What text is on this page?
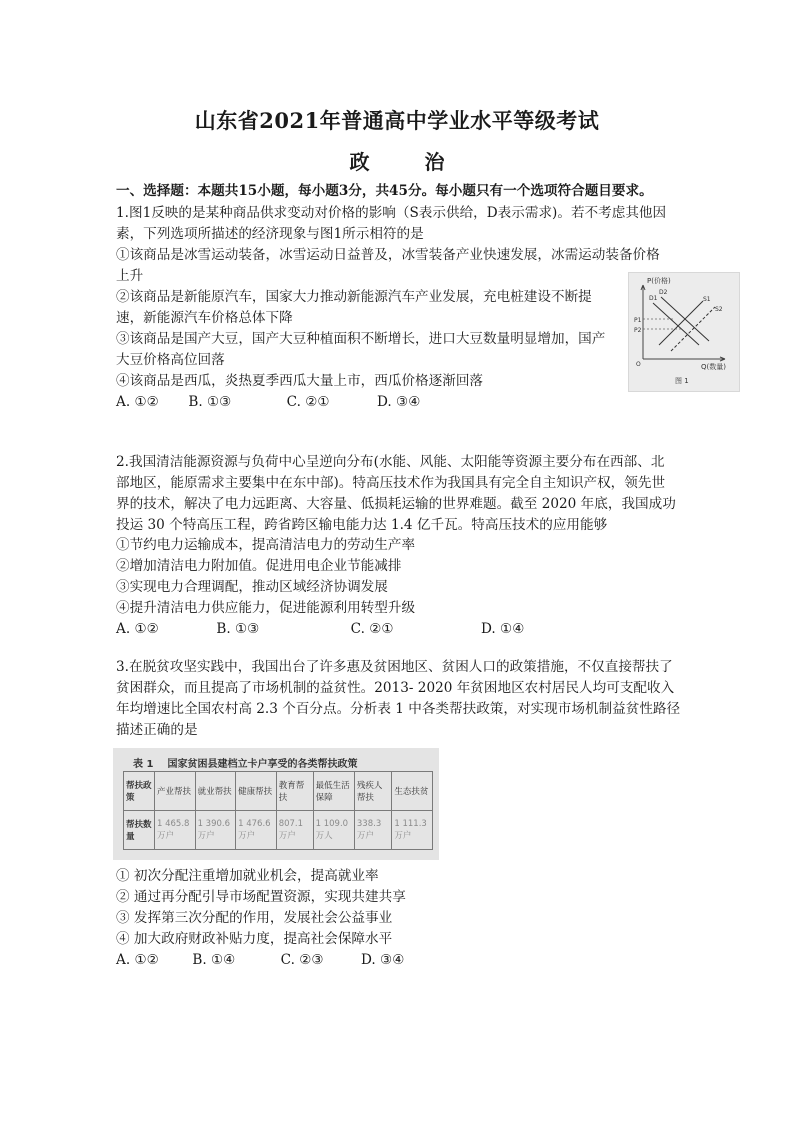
山东省2021年普通高中学业水平等级考试
政 治
一、选择题：本题共15小题，每小题3分，共45分。每小题只有一个选项符合题目要求。
1.图1反映的是某种商品供求变动对价格的影响（S表示供给，D表示需求)。若不考虑其他因
素，下列选项所描述的经济现象与图1所示相符的是
①该商品是冰雪运动装备，冰雪运动日益普及，冰雪装备产业快速发展，冰需运动装备价格
上升
②该商品是新能原汽车，国家大力推动新能源汽车产业发展，充电桩建设不断提
速，新能源汽车价格总体下降
③该商品是国产大豆，国产大豆种植面积不断增长，进口大豆数量明显增加，国产
大豆价格高位回落
④该商品是西瓜，炎热夏季西瓜大量上市，西瓜价格逐渐回落
A. ①② B. ①③	C. ②①	D. ③④
P(价格)
Q(数量)
D1
D2
S1
S2
P1
P2
O
图 1
2.我国清洁能源资源与负荷中心呈逆向分布(水能、风能、太阳能等资源主要分布在西部、北
部地区，能原需求主要集中在东中部)。特高压技术作为我国具有完全自主知识产权，领先世
界的技术，解决了电力远距离、大容量、低损耗运输的世界难题。截至 2020 年底，我国成功
投运 30 个特高压工程，跨省跨区输电能力达 1.4 亿千瓦。特高压技术的应用能够
①节约电力运输成本，提高清洁电力的劳动生产率
②增加清洁电力附加值。促进用电企业节能减排
③实现电力合理调配，推动区域经济协调发展
④提升清洁电力供应能力，促进能源利用转型升级
A. ①②	B. ①③	C. ②①	D. ①④
3.在脱贫攻坚实践中，我国出台了许多惠及贫困地区、贫困人口的政策措施，不仅直接帮扶了
贫困群众，而且提高了市场机制的益贫性。2013- 2020 年贫困地区农村居民人均可支配收入
年均增速比全国农村高 2.3 个百分点。分析表 1 中各类帮扶政策，对实现市场机制益贫性路径
描述正确的是
表 1 国家贫困县建档立卡户享受的各类帮扶政策
帮扶政策	产业帮扶	就业帮扶	健康帮扶	教育帮扶	最低生活保障	残疾人帮扶	生态扶贫
帮扶数量	1 465.8万户	1 390.6万户	1 476.6万户	807.1万户	1 109.0万人	338.3万户	1 111.3万户
① 初次分配注重增加就业机会，提高就业率
② 通过再分配引导市场配置资源，实现共建共享
③ 发挥第三次分配的作用，发展社会公益事业
④ 加大政府财政补贴力度，提高社会保障水平
A. ①② B. ①④	C. ②③	D. ③④
